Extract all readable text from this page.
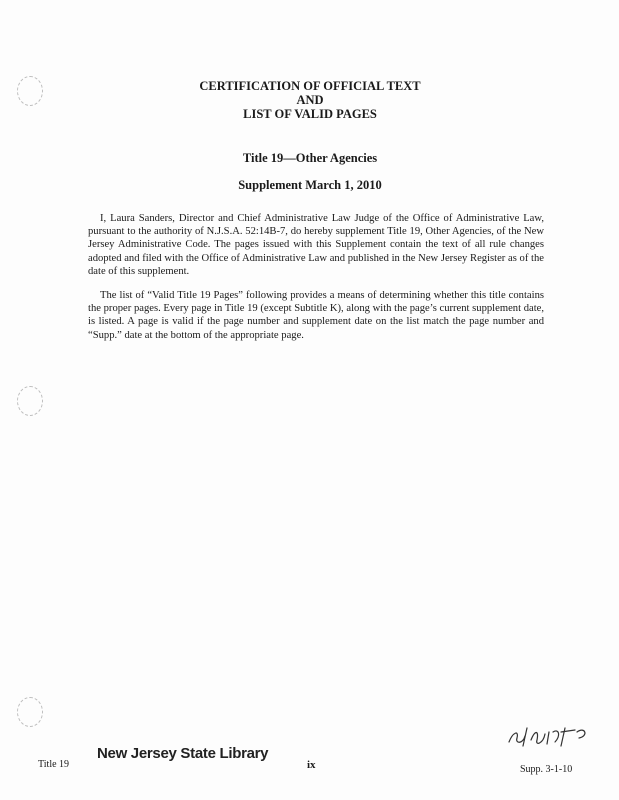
CERTIFICATION OF OFFICIAL TEXT
AND
LIST OF VALID PAGES
Title 19—Other Agencies
Supplement March 1, 2010

I, Laura Sanders, Director and Chief Administrative Law Judge of the Office of Administrative Law, pursuant to the authority of N.J.S.A. 52:14B-7, do hereby supplement Title 19, Other Agencies, of the New Jersey Administrative Code. The pages issued with this Supplement contain the text of all rule changes adopted and filed with the Office of Administrative Law and published in the New Jersey Register as of the date of this supplement.

The list of “Valid Title 19 Pages” following provides a means of determining whether this title contains the proper pages. Every page in Title 19 (except Subtitle K), along with the page’s current supplement date, is listed. A page is valid if the page number and supplement date on the list match the page number and “Supp.” date at the bottom of the appropriate page.

Title 19
New Jersey State Library
ix	Supp. 3-1-10
